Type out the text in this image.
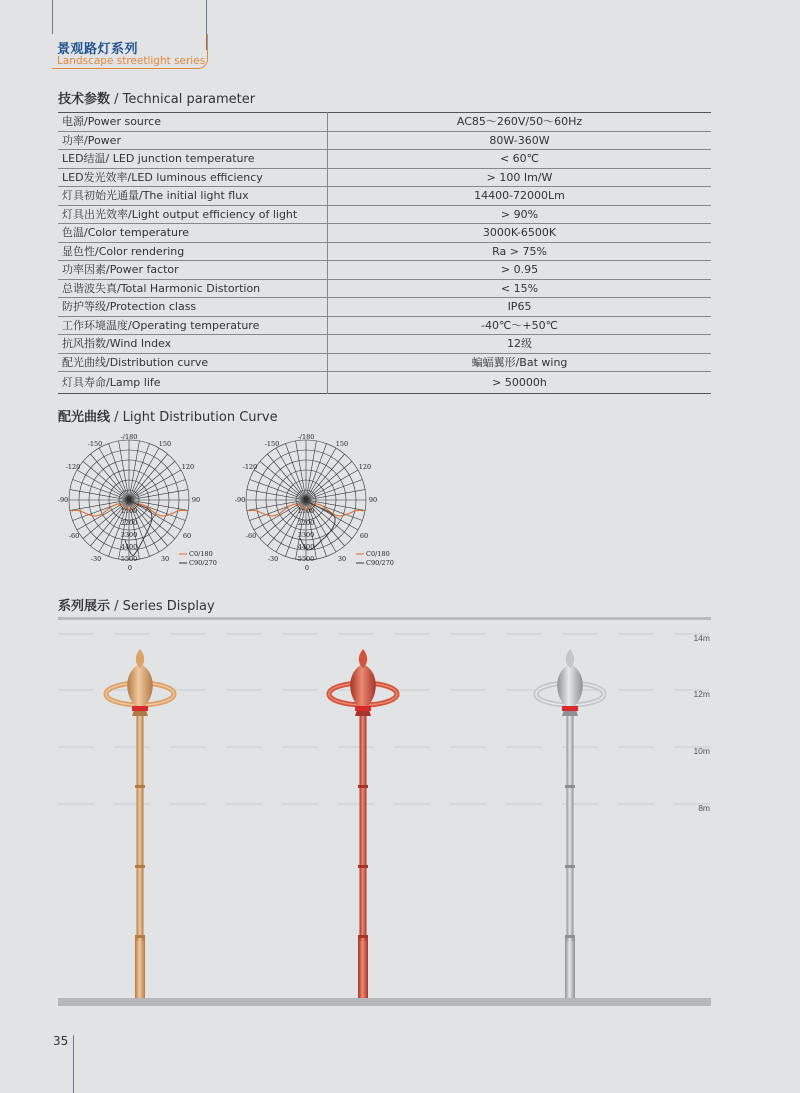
景观路灯系列
Landscape streetlight series
技术参数 / Technical parameter
电源/Power source	AC85～260V/50～60Hz
功率/Power	80W-360W
LED结温/ LED junction temperature	< 60℃
LED发光效率/LED luminous efficiency	> 100 Im/W
灯具初始光通量/The initial light flux	14400-72000Lm
灯具出光效率/Light output efficiency of light	> 90%
色温/Color temperature	3000K-6500K
显色性/Color rendering	Ra > 75%
功率因素/Power factor	> 0.95
总谐波失真/Total Harmonic Distortion	< 15%
防护等级/Protection class	IP65
工作环境温度/Operating temperature	-40℃～+50℃
抗风指数/Wind Index	12级
配光曲线/Distribution curve	蝙蝠翼形/Bat wing
灯具寿命/Lamp life	> 50000h
配光曲线 / Light Distribution Curve
-/180
-150	150
-120	120
-90	90
-60	60
-30	30
0
0
1100
2200
3300
4400
5500
C0/180
C90/270
-/180
-150	150
-120	120
-90	90
-60	60
-30	30
0
0
1100
2200
3300
4400
5500
C0/180
C90/270
系列展示 / Series Display
14m
12m
10m
8m
35
